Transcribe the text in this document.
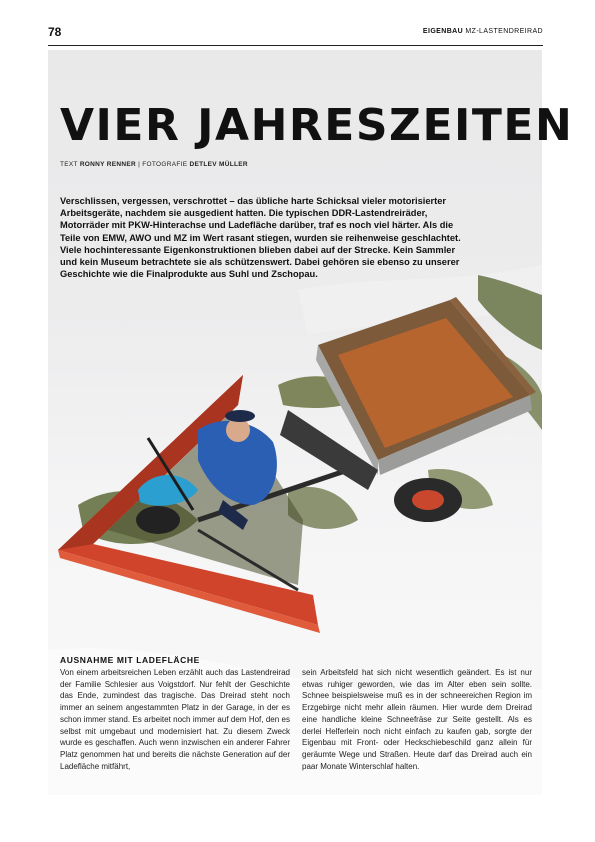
78	EIGENBAU MZ-LASTENDREIRAD
VIER JAHRESZEITEN
TEXT RONNY RENNER | FOTOGRAFIE DETLEV MÜLLER

Verschlissen, vergessen, verschrottet – das übliche harte Schicksal vieler motorisierter Arbeitsgeräte, nachdem sie ausgedient hatten. Die typischen DDR-Lastendreiräder, Motorräder mit PKW-Hinterachse und Ladefläche darüber, traf es noch viel härter. Als die Teile von EMW, AWO und MZ im Wert rasant stiegen, wurden sie reihenweise geschlachtet. Viele hochinteressante Eigenkonstruktionen blieben dabei auf der Strecke. Kein Sammler und kein Museum betrachtete sie als schützenswert. Dabei gehören sie ebenso zu unserer Geschichte wie die Finalprodukte aus Suhl und Zschopau.

AUSNAHME MIT LADEFLÄCHE

Von einem arbeitsreichen Leben erzählt auch das Lastendreirad der Familie Schlesier aus Voigstdorf. Nur fehlt der Geschichte das Ende, zumindest das tragische. Das Dreirad steht noch immer an seinem angestammten Platz in der Garage, in der es schon immer stand. Es arbeitet noch immer auf dem Hof, den es selbst mit umgebaut und modernisiert hat. Zu diesem Zweck wurde es geschaffen. Auch wenn inzwischen ein anderer Fahrer Platz genommen hat und bereits die nächste Generation auf der Ladefläche mitfährt,

sein Arbeitsfeld hat sich nicht wesentlich geändert. Es ist nur etwas ruhiger geworden, wie das im Alter eben sein sollte. Schnee beispielsweise muß es in der schneereichen Region im Erzgebirge nicht mehr allein räumen. Hier wurde dem Dreirad eine handliche kleine Schneefräse zur Seite gestellt. Als es derlei Helferlein noch nicht einfach zu kaufen gab, sorgte der Eigenbau mit Front- oder Heckschiebeschild ganz allein für geräumte Wege und Straßen. Heute darf das Dreirad auch ein paar Monate Winterschlaf halten.
